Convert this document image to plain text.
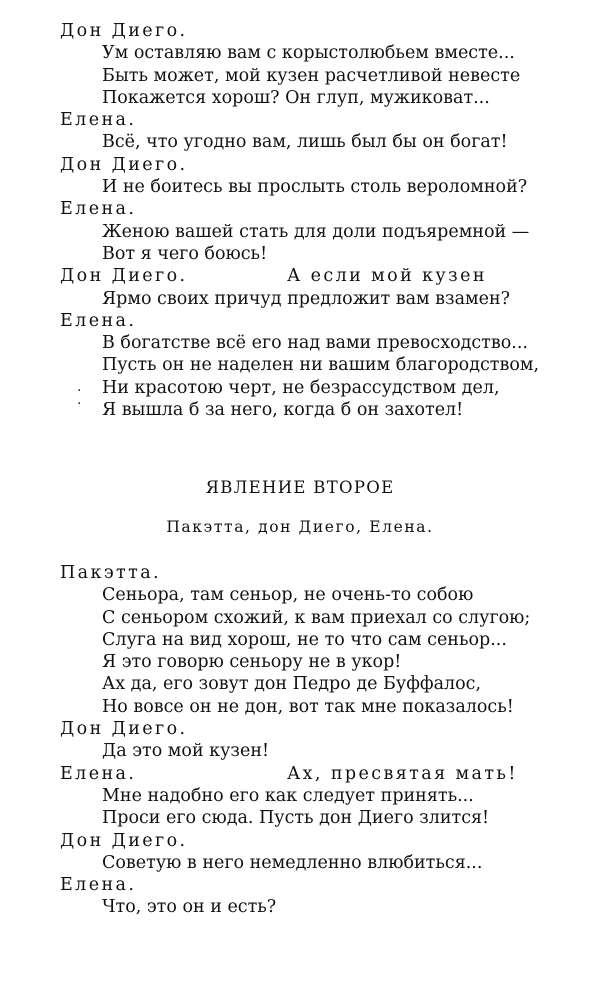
Дон Диего.
Ум оставляю вам с корыстолюбьем вместе...
Быть может, мой кузен расчетливой невесте
Покажется хорош? Он глуп, мужиковат...
Елена.
Всё, что угодно вам, лишь был бы он богат!
Дон Диего.
И не боитесь вы прослыть столь вероломной?
Елена.
Женою вашей стать для доли подъяремной —
Вот я чего боюсь!
Дон Диего.	А если мой кузен
Ярмо своих причуд предложит вам взамен?
Елена.
В богатстве всё его над вами превосходство...
Пусть он не наделен ни вашим благородством,
Ни красотою черт, не безрассудством дел,
Я вышла б за него, когда б он захотел!
·
·
ЯВЛЕНИЕ ВТОРОЕ
Пакэтта, дон Диего, Елена.
Пакэтта.
Сеньора, там сеньор, не очень-то собою
С сеньором схожий, к вам приехал со слугою;
Слуга на вид хорош, не то что сам сеньор...
Я это говорю сеньору не в укор!
Ах да, его зовут дон Педро де Буффалос,
Но вовсе он не дон, вот так мне показалось!
Дон Диего.
Да это мой кузен!
Елена.	Ах, пресвятая мать!
Мне надобно его как следует принять...
Проси его сюда. Пусть дон Диего злится!
Дон Диего.
Советую в него немедленно влюбиться...
Елена.
Что, это он и есть?
